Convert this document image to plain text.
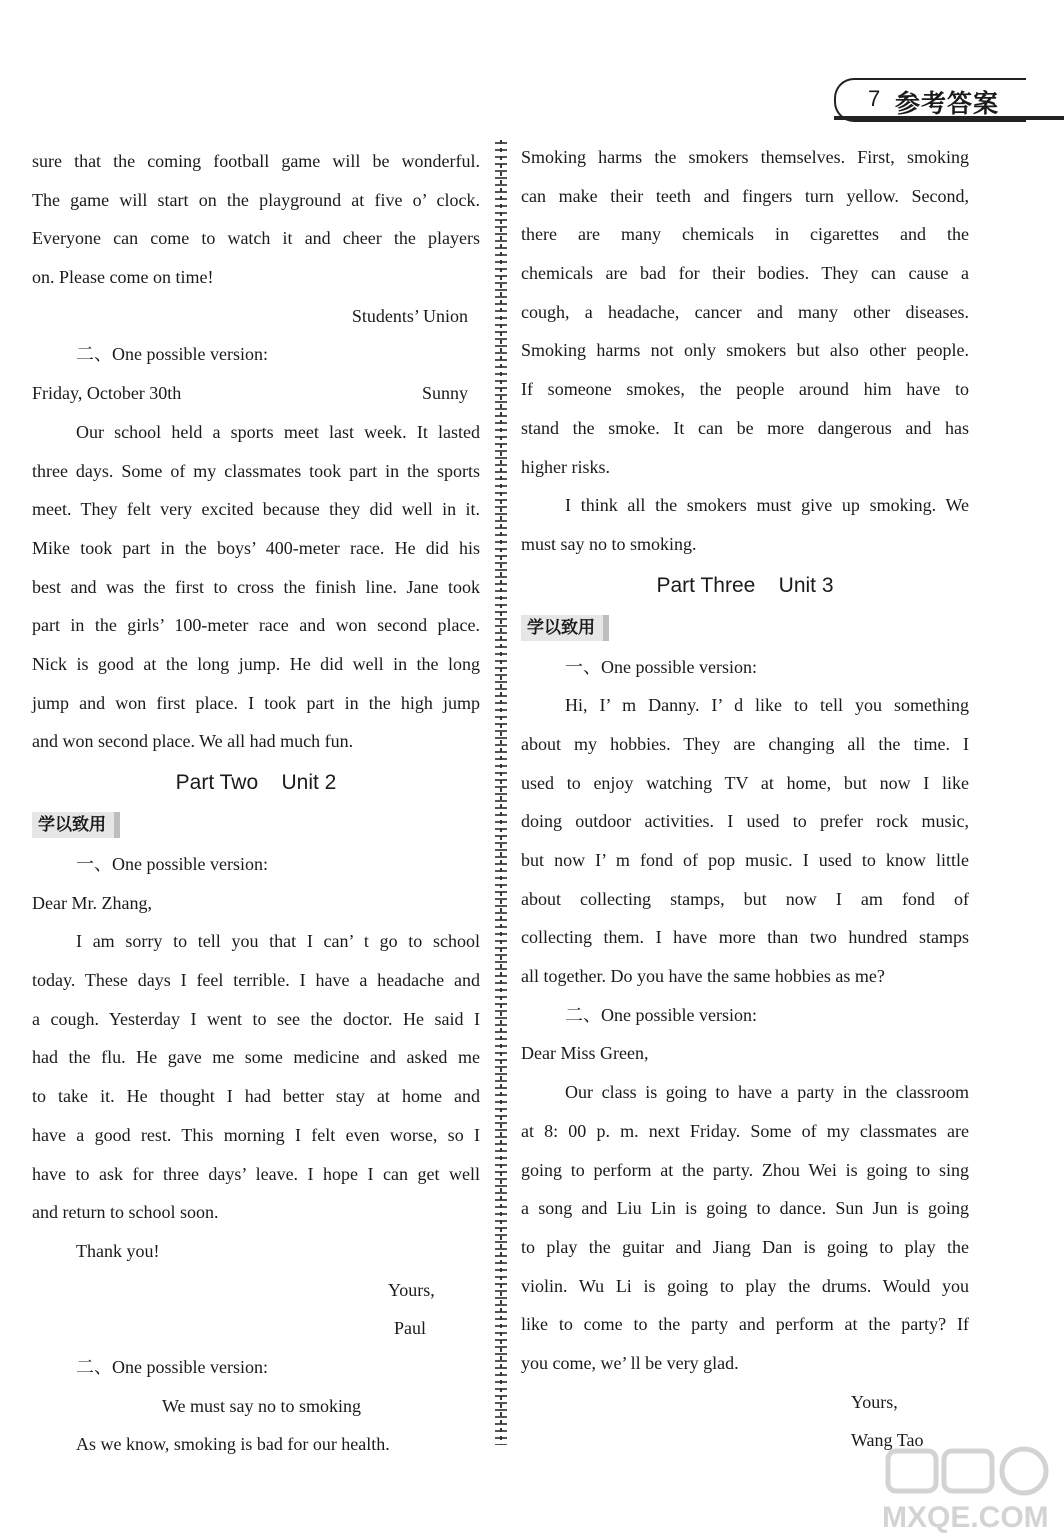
7 参考答案
sure that the coming football game will be wonderful.
The game will start on the playground at five o’ clock.
Everyone can come to watch it and cheer the players
on. Please come on time!
Students’ Union
二、One possible version:
Friday, October 30th	Sunny
Our school held a sports meet last week. It lasted
three days. Some of my classmates took part in the sports
meet. They felt very excited because they did well in it.
Mike took part in the boys’ 400-meter race. He did his
best and was the first to cross the finish line. Jane took
part in the girls’ 100-meter race and won second place.
Nick is good at the long jump. He did well in the long
jump and won first place. I took part in the high jump
and won second place. We all had much fun.
Part Two    Unit 2
学以致用
一、One possible version:
Dear Mr. Zhang,
I am sorry to tell you that I can’ t go to school
today. These days I feel terrible. I have a headache and
a cough. Yesterday I went to see the doctor. He said I
had the flu. He gave me some medicine and asked me
to take it. He thought I had better stay at home and
have a good rest. This morning I felt even worse, so I
have to ask for three days’ leave. I hope I can get well
and return to school soon.
Thank you!
Yours,
Paul
二、One possible version:
We must say no to smoking
As we know, smoking is bad for our health.
Smoking harms the smokers themselves. First, smoking
can make their teeth and fingers turn yellow. Second,
there are many chemicals in cigarettes and the
chemicals are bad for their bodies. They can cause a
cough, a headache, cancer and many other diseases.
Smoking harms not only smokers but also other people.
If someone smokes, the people around him have to
stand the smoke. It can be more dangerous and has
higher risks.
I think all the smokers must give up smoking. We
must say no to smoking.
Part Three    Unit 3
学以致用
一、One possible version:
Hi, I’ m Danny. I’ d like to tell you something
about my hobbies. They are changing all the time. I
used to enjoy watching TV at home, but now I like
doing outdoor activities. I used to prefer rock music,
but now I’ m fond of pop music. I used to know little
about collecting stamps, but now I am fond of
collecting them. I have more than two hundred stamps
all together. Do you have the same hobbies as me?
二、One possible version:
Dear Miss Green,
Our class is going to have a party in the classroom
at 8: 00 p. m. next Friday. Some of my classmates are
going to perform at the party. Zhou Wei is going to sing
a song and Liu Lin is going to dance. Sun Jun is going
to play the guitar and Jiang Dan is going to play the
violin. Wu Li is going to play the drums. Would you
like to come to the party and perform at the party? If
you come, we’ ll be very glad.
Yours,
Wang Tao
MXQE.COM
